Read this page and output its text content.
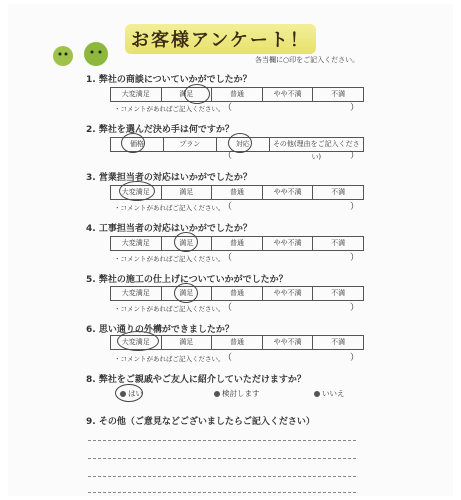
お客様アンケート！
各当欄に○印をご記入ください。
1. 弊社の商談についていかがでしたか？
大変満足	満足	普通	やや不満	不満
・コメントがあればご記入ください。
（	）
2. 弊社を選んだ決め手は何ですか？
価格	プラン	対応	その他(理由をご記入ください)
（	）
3. 営業担当者の対応はいかがでしたか？
大変満足	満足	普通	やや不満	不満
・コメントがあればご記入ください。
（	）
4. 工事担当者の対応はいかがでしたか？
大変満足	満足	普通	やや不満	不満
・コメントがあればご記入ください。
（	）
5. 弊社の施工の仕上げについていかがでしたか？
大変満足	満足	普通	やや不満	不満
・コメントがあればご記入ください。
（	）
6. 思い通りの外構ができましたか？
大変満足	満足	普通	やや不満	不満
・コメントがあればご記入ください。
（	）
8. 弊社をご親戚やご友人に紹介していただけますか？
はい	検討します	いいえ
9. その他（ご意見などございましたらご記入ください）
